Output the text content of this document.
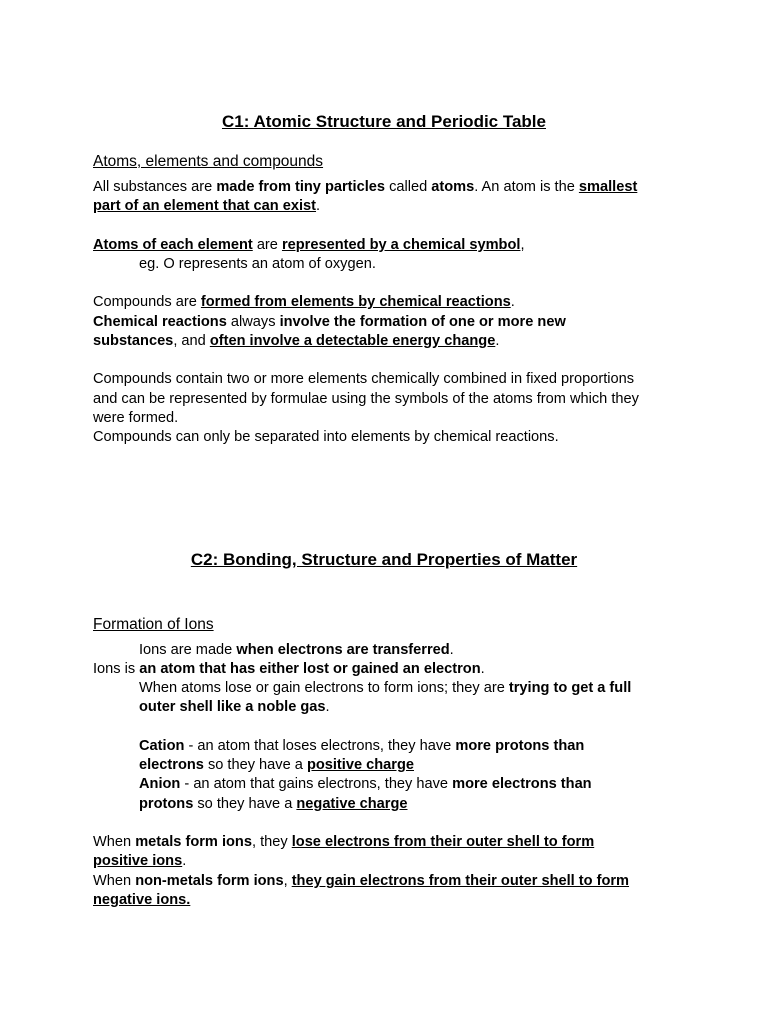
C1: Atomic Structure and Periodic Table
Atoms, elements and compounds
All substances are made from tiny particles called atoms. An atom is the smallest
part of an element that can exist.
Atoms of each element are represented by a chemical symbol,
eg. O represents an atom of oxygen.
Compounds are formed from elements by chemical reactions.
Chemical reactions always involve the formation of one or more new
substances, and often involve a detectable energy change.
Compounds contain two or more elements chemically combined in fixed proportions
and can be represented by formulae using the symbols of the atoms from which they
were formed.
Compounds can only be separated into elements by chemical reactions.
C2: Bonding, Structure and Properties of Matter
Formation of Ions
Ions are made when electrons are transferred.
Ions is an atom that has either lost or gained an electron.
When atoms lose or gain electrons to form ions; they are trying to get a full
outer shell like a noble gas.
Cation - an atom that loses electrons, they have more protons than
electrons so they have a positive charge
Anion - an atom that gains electrons, they have more electrons than
protons so they have a negative charge
When metals form ions, they lose electrons from their outer shell to form
positive ions.
When non-metals form ions, they gain electrons from their outer shell to form
negative ions.
